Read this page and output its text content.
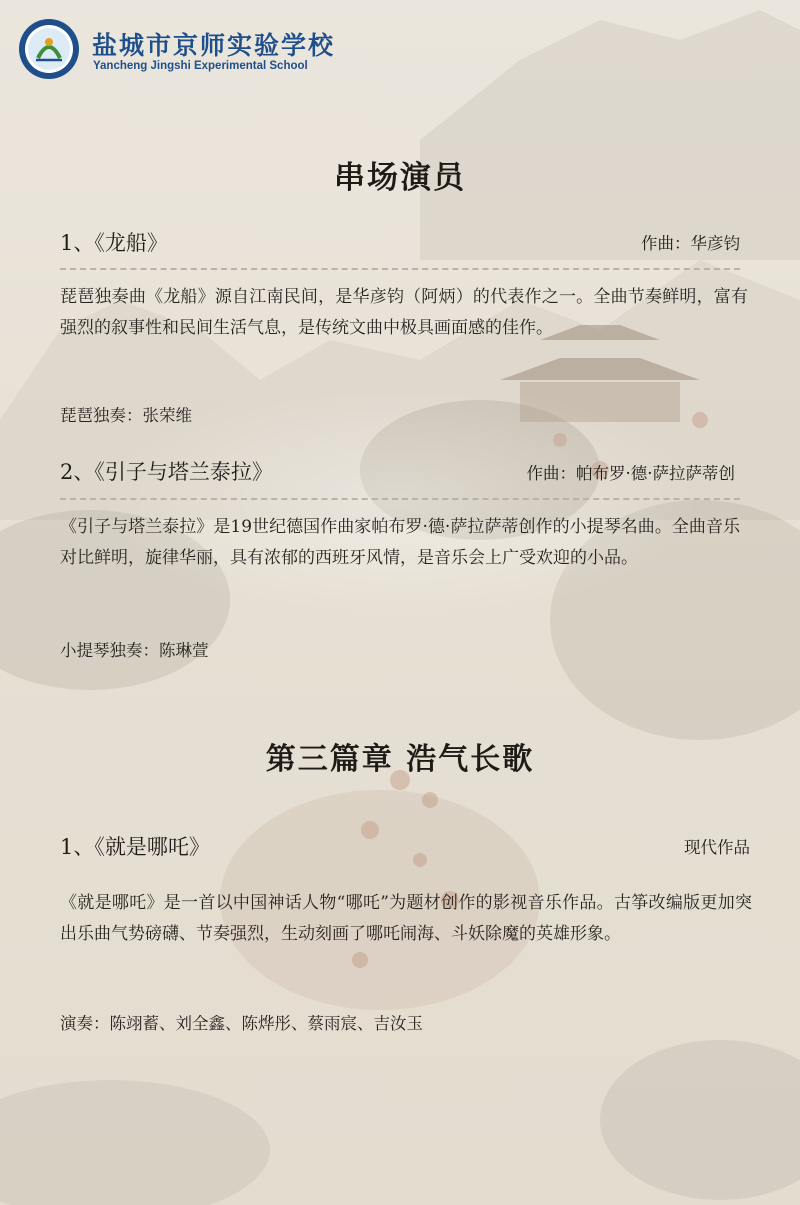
盐城市京师实验学校
Yancheng Jingshi Experimental School
串场演员
1、《龙船》	作曲：华彦钧
琵琶独奏曲《龙船》源自江南民间，是华彦钧（阿炳）的代表作之一。全曲节奏鲜明，富有强烈的叙事性和民间生活气息，是传统文曲中极具画面感的佳作。
琵琶独奏：张荣维
2、《引子与塔兰泰拉》	作曲：帕布罗·德·萨拉萨蒂创
《引子与塔兰泰拉》是19世纪德国作曲家帕布罗·德·萨拉萨蒂创作的小提琴名曲。全曲音乐对比鲜明，旋律华丽，具有浓郁的西班牙风情，是音乐会上广受欢迎的小品。
小提琴独奏：陈琳萱
第三篇章 浩气长歌
1、《就是哪吒》	现代作品
《就是哪吒》是一首以中国神话人物“哪吒”为题材创作的影视音乐作品。古筝改编版更加突出乐曲气势磅礴、节奏强烈，生动刻画了哪吒闹海、斗妖除魔的英雄形象。
演奏：陈翊蓄、刘全鑫、陈烨彤、蔡雨宸、吉汝玉
